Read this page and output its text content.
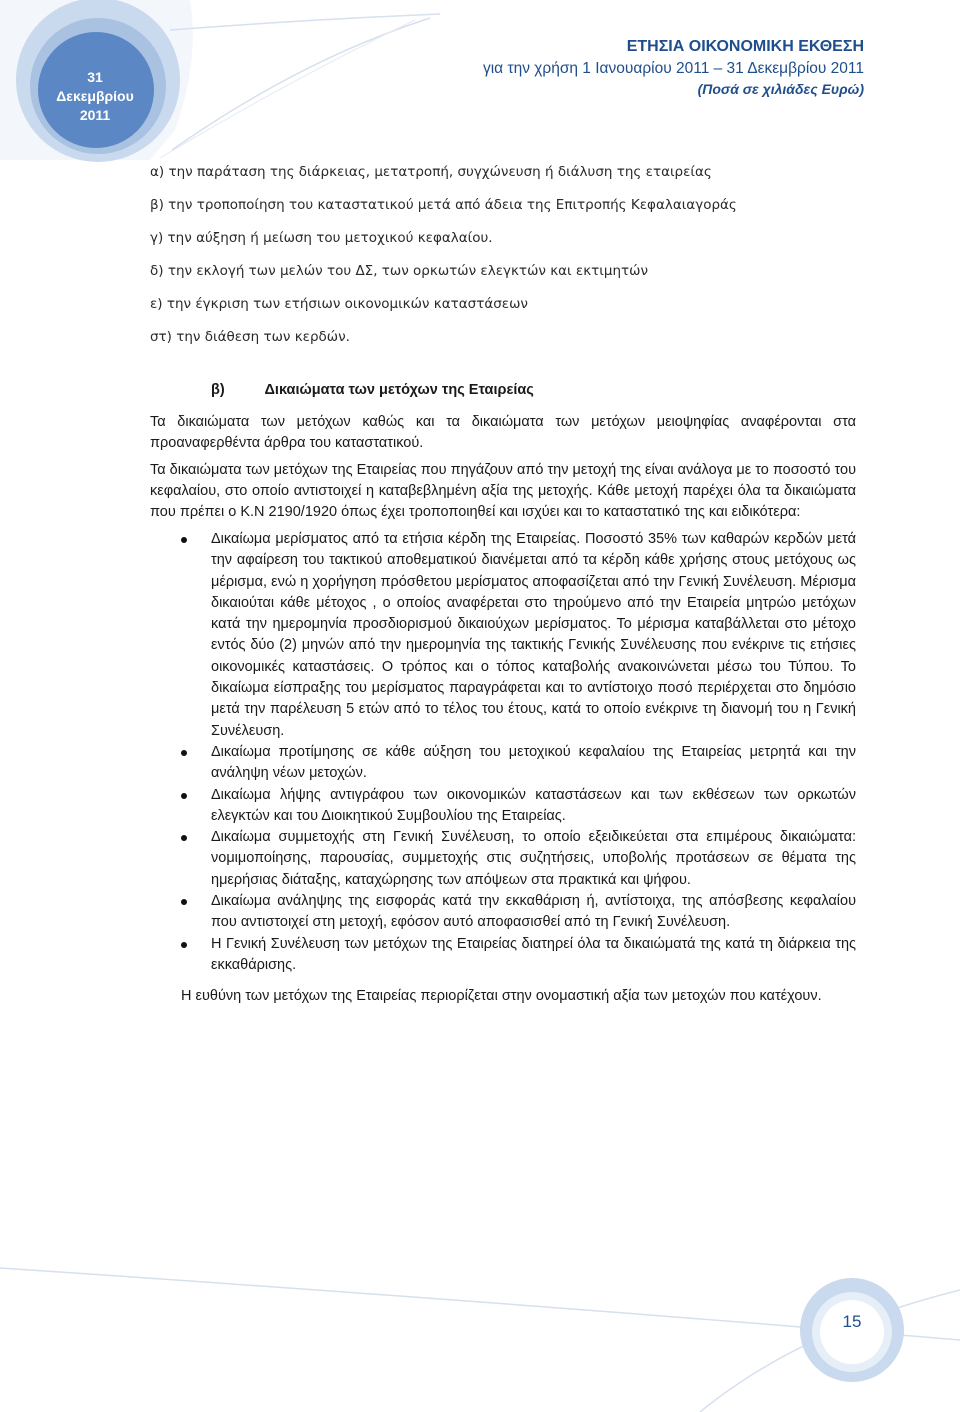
31
Δεκεμβρίου
2011
ΕΤΗΣΙΑ ΟΙΚΟΝΟΜΙΚΗ ΕΚΘΕΣΗ
για την χρήση 1 Ιανουαρίου 2011 – 31 Δεκεμβρίου 2011
(Ποσά σε χιλιάδες Ευρώ)
α) την παράταση της διάρκειας, μετατροπή, συγχώνευση ή διάλυση της εταιρείας
β) την τροποποίηση του καταστατικού μετά από άδεια της Επιτροπής Κεφαλαιαγοράς
γ) την αύξηση ή μείωση του μετοχικού κεφαλαίου.
δ) την εκλογή των μελών του ΔΣ, των ορκωτών ελεγκτών και εκτιμητών
ε) την έγκριση των ετήσιων οικονομικών καταστάσεων
στ) την διάθεση των κερδών.
β)	Δικαιώματα των μετόχων της Εταιρείας

Τα δικαιώματα των μετόχων καθώς και τα δικαιώματα των μετόχων μειοψηφίας αναφέρονται στα προαναφερθέντα άρθρα του καταστατικού.

Τα δικαιώματα των μετόχων της Εταιρείας που πηγάζουν από την μετοχή της είναι ανάλογα με το ποσοστό του κεφαλαίου, στο οποίο αντιστοιχεί η καταβεβλημένη αξία της μετοχής. Κάθε μετοχή παρέχει όλα τα δικαιώματα που πρέπει ο Κ.Ν 2190/1920 όπως έχει τροποποιηθεί και ισχύει και το καταστατικό της και ειδικότερα:

Δικαίωμα μερίσματος από τα ετήσια κέρδη της Εταιρείας. Ποσοστό 35% των καθαρών κερδών μετά την αφαίρεση του τακτικού αποθεματικού διανέμεται από τα κέρδη κάθε χρήσης στους μετόχους ως μέρισμα, ενώ η χορήγηση πρόσθετου μερίσματος αποφασίζεται από την Γενική Συνέλευση. Μέρισμα δικαιούται κάθε μέτοχος , ο οποίος αναφέρεται στο τηρούμενο από την Εταιρεία μητρώο μετόχων κατά την ημερομηνία προσδιορισμού δικαιούχων μερίσματος. Το μέρισμα καταβάλλεται στο μέτοχο εντός δύο (2) μηνών από την ημερομηνία της τακτικής Γενικής Συνέλευσης που ενέκρινε τις ετήσιες οικονομικές καταστάσεις. Ο τρόπος και ο τόπος καταβολής ανακοινώνεται μέσω του Τύπου. Το δικαίωμα είσπραξης του μερίσματος παραγράφεται και το αντίστοιχο ποσό περιέρχεται στο δημόσιο μετά την παρέλευση 5 ετών από το τέλος του έτους, κατά το οποίο ενέκρινε τη διανομή του η Γενική Συνέλευση.
Δικαίωμα προτίμησης σε κάθε αύξηση του μετοχικού κεφαλαίου της Εταιρείας μετρητά και την ανάληψη νέων μετοχών.
Δικαίωμα λήψης αντιγράφου των οικονομικών καταστάσεων και των εκθέσεων των ορκωτών ελεγκτών και του Διοικητικού Συμβουλίου της Εταιρείας.
Δικαίωμα συμμετοχής στη Γενική Συνέλευση, το οποίο εξειδικεύεται στα επιμέρους δικαιώματα: νομιμοποίησης, παρουσίας, συμμετοχής στις συζητήσεις, υποβολής προτάσεων σε θέματα της ημερήσιας διάταξης, καταχώρησης των απόψεων στα πρακτικά και ψήφου.
Δικαίωμα ανάληψης της εισφοράς κατά την εκκαθάριση ή, αντίστοιχα, της απόσβεσης κεφαλαίου που αντιστοιχεί στη μετοχή, εφόσον αυτό αποφασισθεί από τη Γενική Συνέλευση.
Η Γενική Συνέλευση των μετόχων της Εταιρείας διατηρεί όλα τα δικαιώματά της κατά τη διάρκεια της εκκαθάρισης.

Η ευθύνη των μετόχων της Εταιρείας περιορίζεται στην ονομαστική αξία των μετοχών που κατέχουν.

15
